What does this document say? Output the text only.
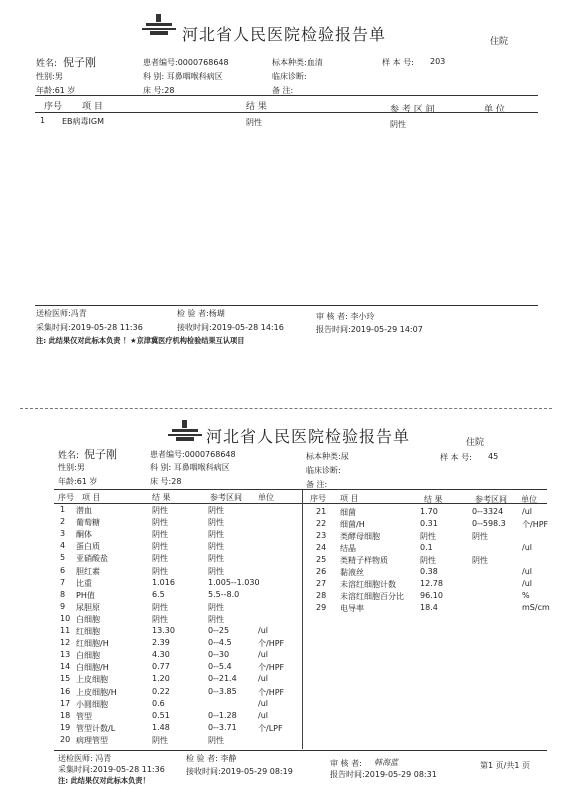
河北省人民医院检验报告单	住院
姓名: 倪子刚	患者编号:0000768648	标本种类:血清	样 本 号: 203
性别:男	科 别: 耳鼻咽喉科病区	临床诊断:
年龄:61 岁	床 号:28	备 注:
序号 项 目	结 果	参 考 区 间	单 位
1 EB病毒IGM	阴性	阴性
送检医师:冯青	检 验 者:杨瑚	审 核 者: 李小玲
采集时间:2019-05-28 11:36	接收时间:2019-05-28 14:16	报告时间:2019-05-29 14:07
注: 此结果仅对此标本负责 ！★京津冀医疗机构检验结果互认项目
河北省人民医院检验报告单	住院
姓名: 倪子刚	患者编号:0000768648	标本种类:尿	样 本 号: 45
性别:男	科 别: 耳鼻咽喉科病区	临床诊断:
年龄:61 岁	床 号:28	备 注:
序号 项 目	结 果	参考区间 单位	序号 项 目	结 果	参考区间 单位
1 潜血	阴性	阴性
2 葡萄糖	阴性	阴性
3 酮体	阴性	阴性
4 蛋白质	阴性	阴性
5 亚硝酸盐	阴性	阴性
6 胆红素	阴性	阴性
7 比重	1.016	1.005--1.030
8 PH值	6.5	5.5--8.0
9 尿胆原	阴性	阴性
10 白细胞	阴性	阴性
11 红细胞	13.30	0--25	/ul
12 红细胞/H	2.39	0--4.5	个/HPF
13 白细胞	4.30	0--30	/ul
14 白细胞/H	0.77	0--5.4	个/HPF
15 上皮细胞	1.20	0--21.4	/ul
16 上皮细胞/H	0.22	0--3.85	个/HPF
17 小圆细胞	0.6	/ul
18 管型	0.51	0--1.28	/ul
19 管型计数/L	1.48	0--3.71	个/LPF
20 病理管型	阴性	阴性
21 细菌	1.70	0--3324 /ul
22 细菌/H	0.31	0--598.3 个/HPF
23 类酵母细胞	阴性	阴性
24 结晶	0.1	/ul
25 类精子样物质	阴性	阴性
26 黏液丝	0.38	/ul
27 未溶红细胞计数	12.78	/ul
28 未溶红细胞百分比 96.10	%
29 电导率	18.4	mS/cm
送检医师: 冯青	检 验 者: 李静
审 核 者: 韩海蓝	第1 页/共1 页
采集时间:2019-05-28 11:36	接收时间:2019-05-29 08:19	报告时间:2019-05-29 08:31
注: 此结果仅对此标本负责！
